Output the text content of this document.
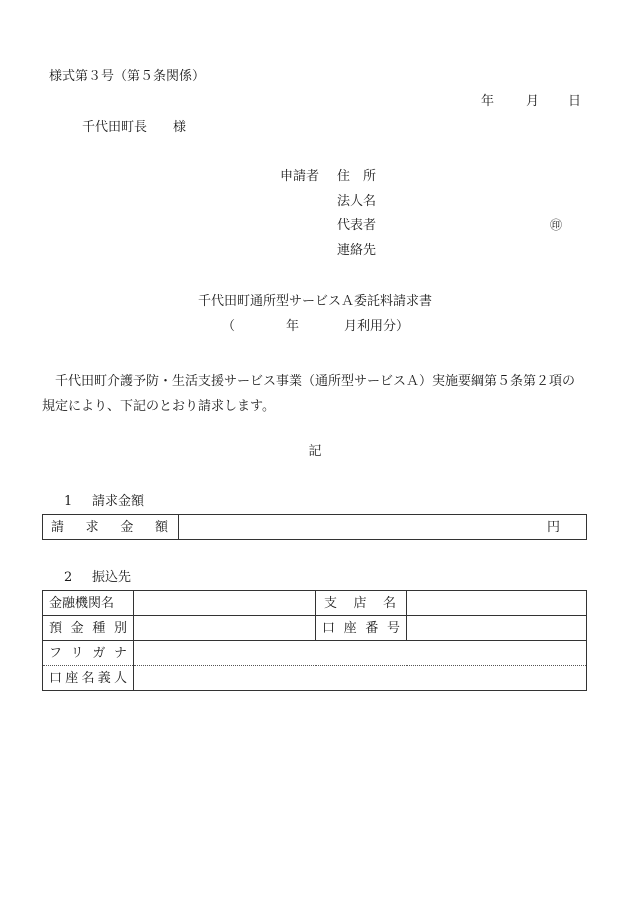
様式第３号（第５条関係）
年 月 日
千代田町長 様
申請者 住　所
法人名
代表者	㊞
連絡先
千代田町通所型サービスＡ委託料請求書
（	年	月利用分）
千代田町介護予防・生活支援サービス事業（通所型サービスＡ）実施要綱第５条第２項の規定により、下記のとおり請求します。
記
1 請求金額
請 求 金 額	円
2 振込先
金融機関名		支 店 名	

預 金 種 別		口 座 番 号	

フ リ ガ ナ			

口 座 名 義 人			
